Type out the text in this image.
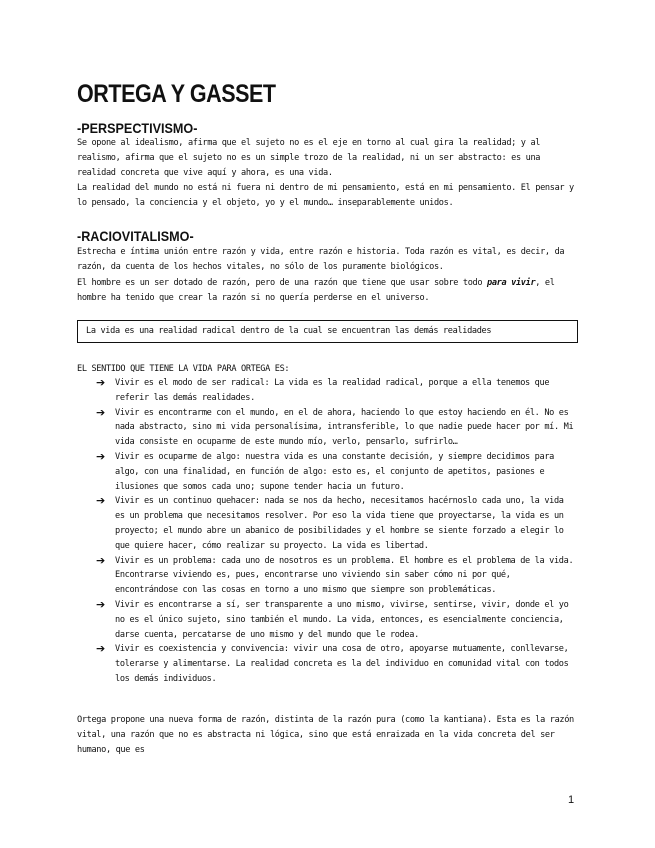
ORTEGA Y GASSET
-PERSPECTIVISMO-

Se opone al idealismo, afirma que el sujeto no es el eje en torno al cual gira la realidad; y al realismo, afirma que el sujeto no es un simple trozo de la realidad, ni un ser abstracto: es una realidad concreta que vive aquí y ahora, es una vida.

La realidad del mundo no está ni fuera ni dentro de mi pensamiento, está en mi pensamiento. El pensar y lo pensado, la conciencia y el objeto, yo y el mundo… inseparablemente unidos.

-RACIOVITALISMO-

Estrecha e íntima unión entre razón y vida, entre razón e historia. Toda razón es vital, es decir, da razón, da cuenta de los hechos vitales, no sólo de los puramente biológicos.

El hombre es un ser dotado de razón, pero de una razón que tiene que usar sobre todo para vivir, el hombre ha tenido que crear la razón si no quería perderse en el universo.

La vida es una realidad radical dentro de la cual se encuentran las demás realidades

EL SENTIDO QUE TIENE LA VIDA PARA ORTEGA ES:

➔ Vivir es el modo de ser radical: La vida es la realidad radical, porque a ella tenemos que referir las demás realidades.
➔ Vivir es encontrarme con el mundo, en el de ahora, haciendo lo que estoy haciendo en él. No es nada abstracto, sino mi vida personalísima, intransferible, lo que nadie puede hacer por mí. Mi vida consiste en ocuparme de este mundo mío, verlo, pensarlo, sufrirlo…
➔ Vivir es ocuparme de algo: nuestra vida es una constante decisión, y siempre decidimos para algo, con una finalidad, en función de algo: esto es, el conjunto de apetitos, pasiones e ilusiones que somos cada uno; supone tender hacia un futuro.
➔ Vivir es un continuo quehacer: nada se nos da hecho, necesitamos hacérnoslo cada uno, la vida es un problema que necesitamos resolver. Por eso la vida tiene que proyectarse, la vida es un proyecto; el mundo abre un abanico de posibilidades y el hombre se siente forzado a elegir lo que quiere hacer, cómo realizar su proyecto. La vida es libertad.
➔ Vivir es un problema: cada uno de nosotros es un problema. El hombre es el problema de la vida. Encontrarse viviendo es, pues, encontrarse uno viviendo sin saber cómo ni por qué, encontrándose con las cosas en torno a uno mismo que siempre son problemáticas.
➔ Vivir es encontrarse a sí, ser transparente a uno mismo, vivirse, sentirse, vivir, donde el yo no es el único sujeto, sino también el mundo. La vida, entonces, es esencialmente conciencia, darse cuenta, percatarse de uno mismo y del mundo que le rodea.
➔ Vivir es coexistencia y convivencia: vivir una cosa de otro, apoyarse mutuamente, conllevarse, tolerarse y alimentarse. La realidad concreta es la del individuo en comunidad vital con todos los demás individuos.

Ortega propone una nueva forma de razón, distinta de la razón pura (como la kantiana). Esta es la razón vital, una razón que no es abstracta ni lógica, sino que está enraizada en la vida concreta del ser humano, que es

1
